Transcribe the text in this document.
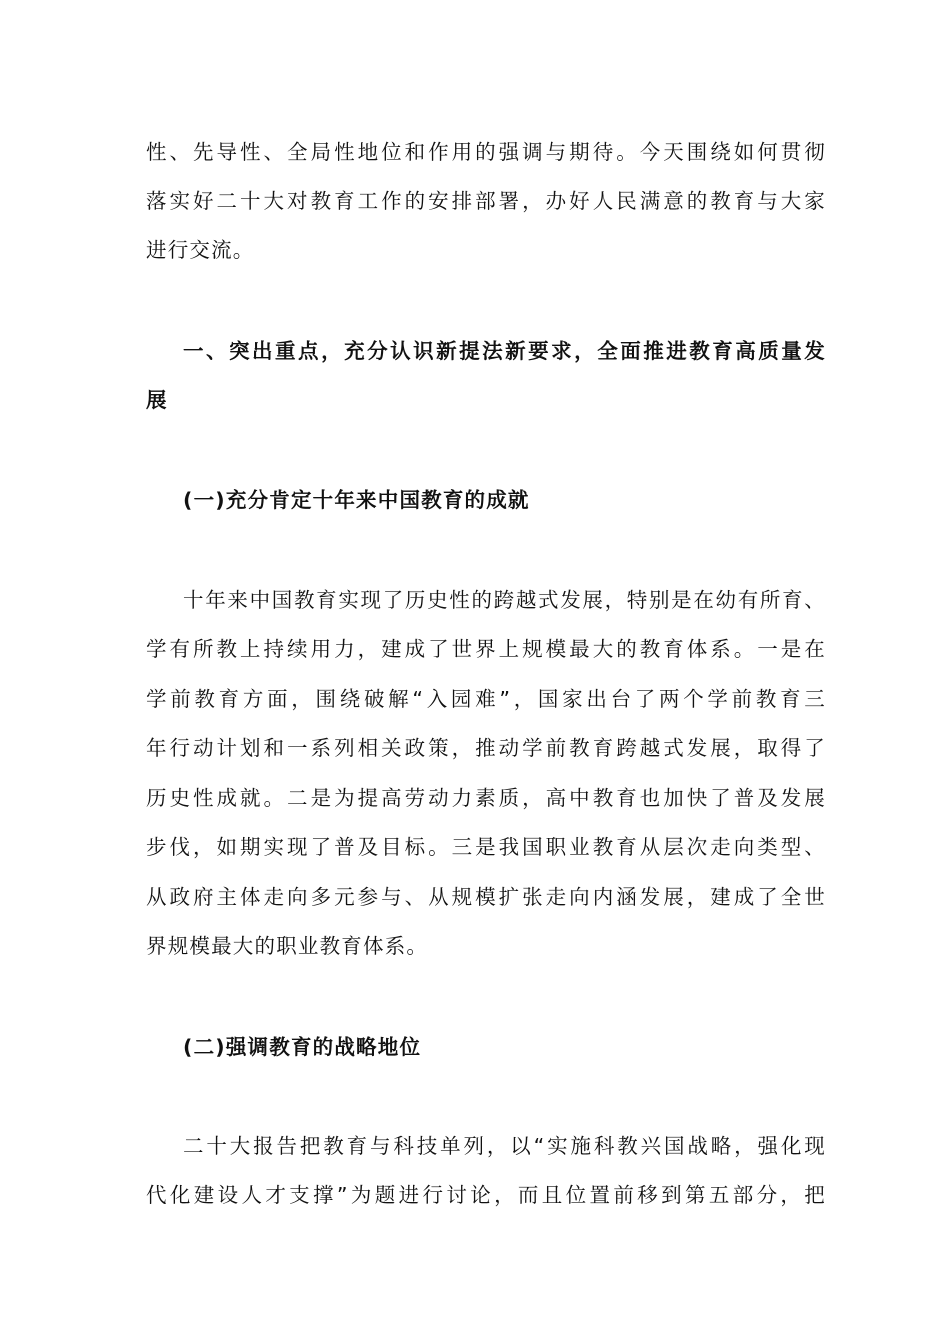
性、先导性、全局性地位和作用的强调与期待。今天围绕如何贯彻
落实好二十大对教育工作的安排部署，办好人民满意的教育与大家
进行交流。
一、突出重点，充分认识新提法新要求，全面推进教育高质量发
展
(一)充分肯定十年来中国教育的成就
十年来中国教育实现了历史性的跨越式发展，特别是在幼有所育、
学有所教上持续用力，建成了世界上规模最大的教育体系。一是在
学前教育方面，围绕破解“入园难”，国家出台了两个学前教育三
年行动计划和一系列相关政策，推动学前教育跨越式发展，取得了
历史性成就。二是为提高劳动力素质，高中教育也加快了普及发展
步伐，如期实现了普及目标。三是我国职业教育从层次走向类型、
从政府主体走向多元参与、从规模扩张走向内涵发展，建成了全世
界规模最大的职业教育体系。
(二)强调教育的战略地位
二十大报告把教育与科技单列，以“实施科教兴国战略，强化现
代化建设人才支撑”为题进行讨论，而且位置前移到第五部分，把
